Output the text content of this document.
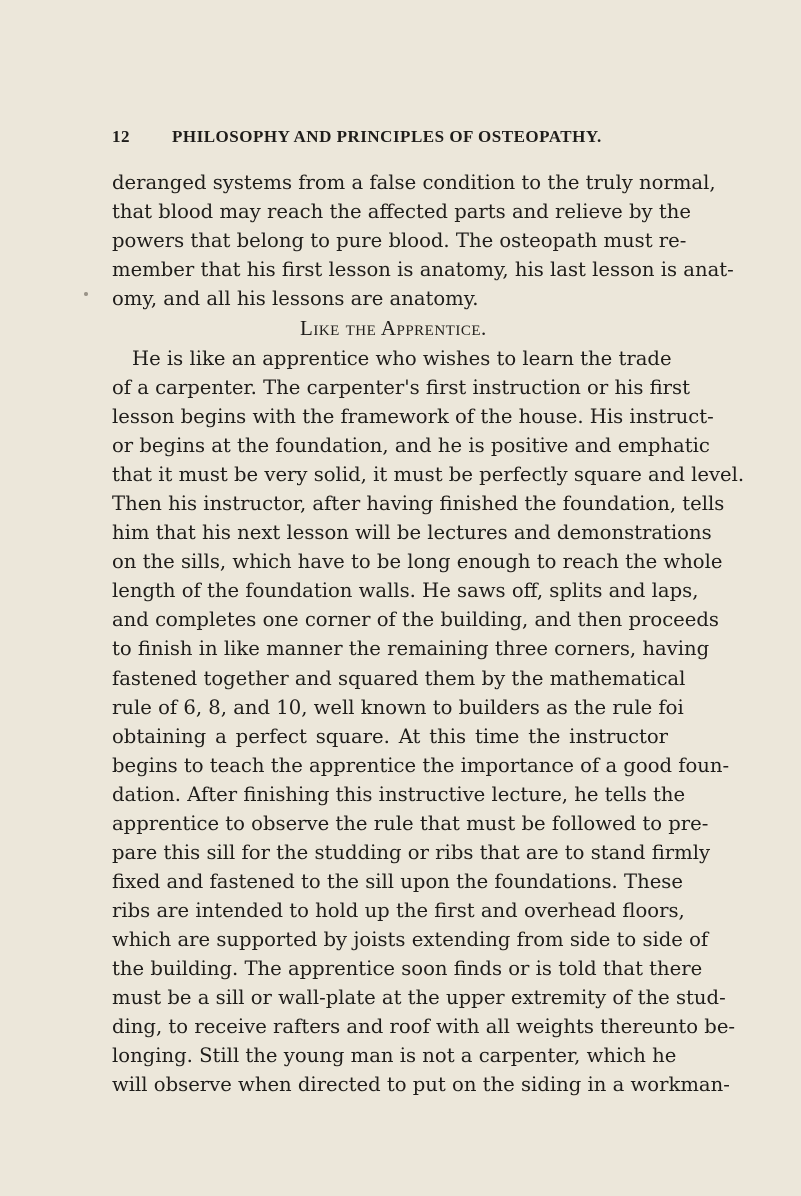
12 PHILOSOPHY AND PRINCIPLES OF OSTEOPATHY.
deranged systems from a false condition to the truly normal,
that blood may reach the affected parts and relieve by the
powers that belong to pure blood. The osteopath must re-
member that his first lesson is anatomy, his last lesson is anat-
omy, and all his lessons are anatomy.
Like the Apprentice.
He is like an apprentice who wishes to learn the trade
of a carpenter. The carpenter's first instruction or his first
lesson begins with the framework of the house. His instruct-
or begins at the foundation, and he is positive and emphatic
that it must be very solid, it must be perfectly square and level.
Then his instructor, after having finished the foundation, tells
him that his next lesson will be lectures and demonstrations
on the sills, which have to be long enough to reach the whole
length of the foundation walls. He saws off, splits and laps,
and completes one corner of the building, and then proceeds
to finish in like manner the remaining three corners, having
fastened together and squared them by the mathematical
rule of 6, 8, and 10, well known to builders as the rule foi
obtaining a perfect square. At this time the instructor
begins to teach the apprentice the importance of a good foun-
dation. After finishing this instructive lecture, he tells the
apprentice to observe the rule that must be followed to pre-
pare this sill for the studding or ribs that are to stand firmly
fixed and fastened to the sill upon the foundations. These
ribs are intended to hold up the first and overhead floors,
which are supported by joists extending from side to side of
the building. The apprentice soon finds or is told that there
must be a sill or wall-plate at the upper extremity of the stud-
ding, to receive rafters and roof with all weights thereunto be-
longing. Still the young man is not a carpenter, which he
will observe when directed to put on the siding in a workman-
